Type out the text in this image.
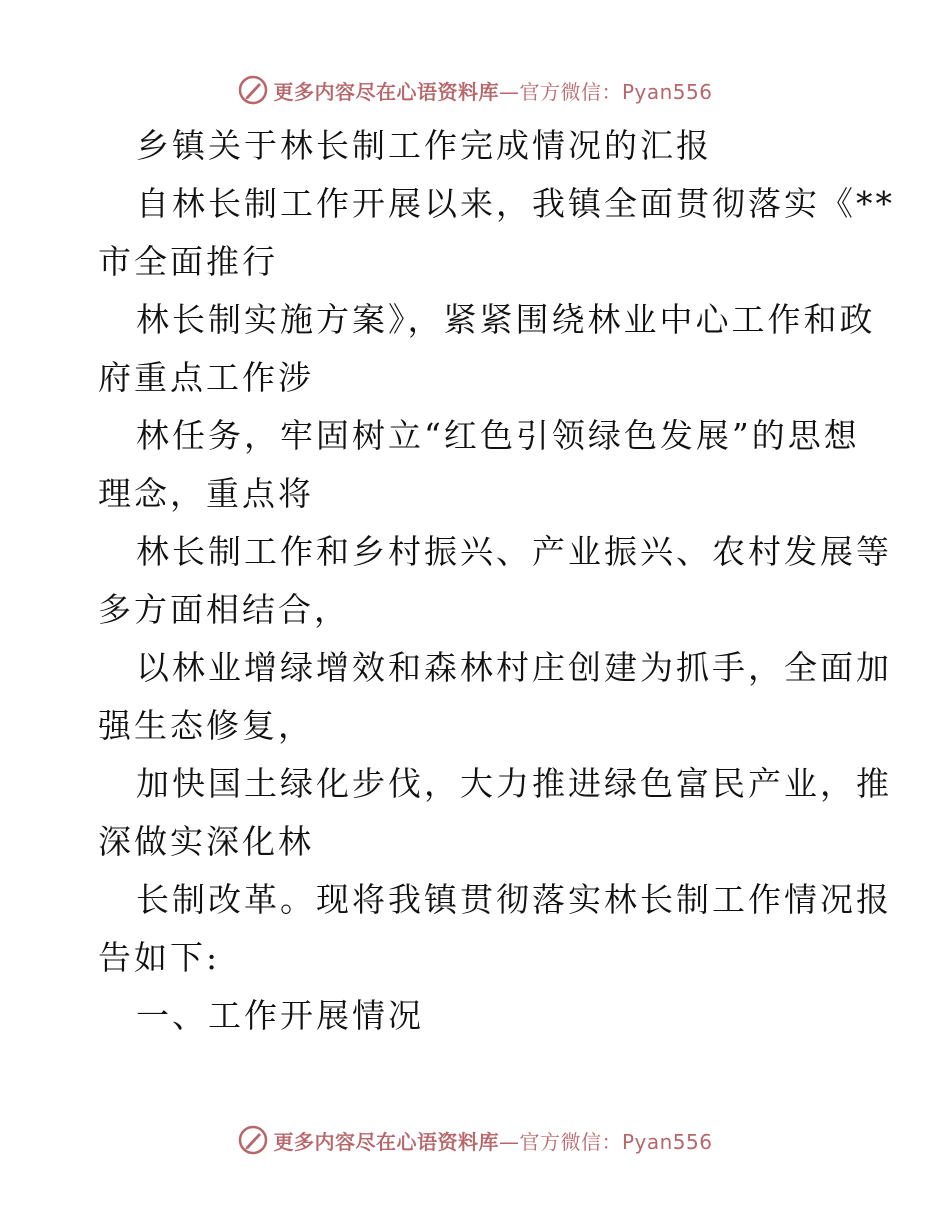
更多内容尽在心语资料库—官方微信：Pyan556
乡镇关于林长制工作完成情况的汇报
自林长制工作开展以来，我镇全面贯彻落实《**
市全面推行
林长制实施方案》，紧紧围绕林业中心工作和政
府重点工作涉
林任务，牢固树立“红色引领绿色发展”的思想
理念，重点将
林长制工作和乡村振兴、产业振兴、农村发展等
多方面相结合，
以林业增绿增效和森林村庄创建为抓手，全面加
强生态修复，
加快国土绿化步伐，大力推进绿色富民产业，推
深做实深化林
长制改革。现将我镇贯彻落实林长制工作情况报
告如下:
一、工作开展情况
更多内容尽在心语资料库—官方微信：Pyan556
